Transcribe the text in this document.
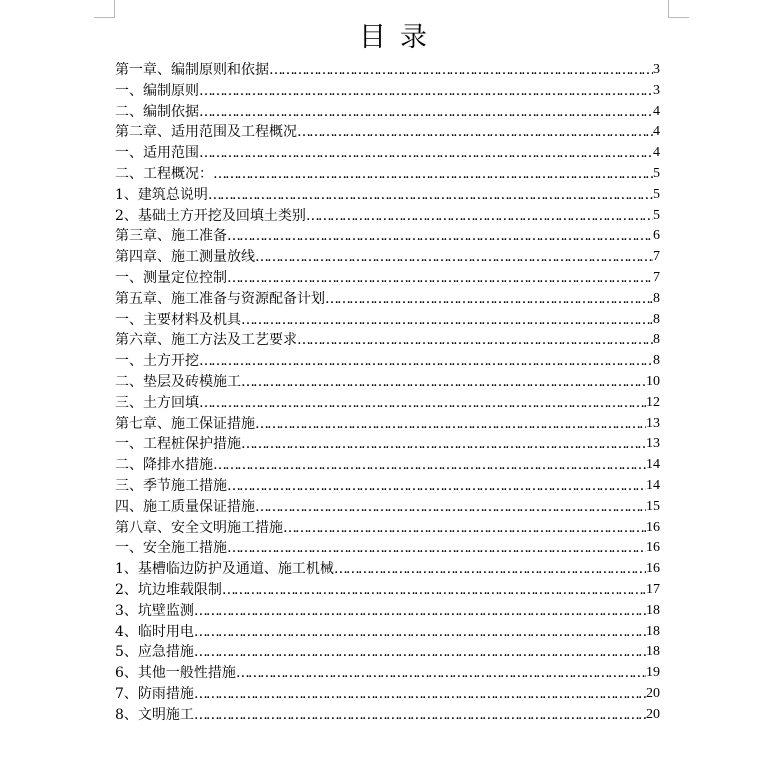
目录
第一章、编制原则和依据 ……………………………………………………………………………………………………………………………………………………………………………………………………	3
一、编制原则 ……………………………………………………………………………………………………………………………………………………………………………………………………	3
二、编制依据 ……………………………………………………………………………………………………………………………………………………………………………………………………	4
第二章、适用范围及工程概况 ……………………………………………………………………………………………………………………………………………………………………………………………………	4
一、适用范围 ……………………………………………………………………………………………………………………………………………………………………………………………………	4
二、工程概况： ……………………………………………………………………………………………………………………………………………………………………………………………………	5
1、建筑总说明 ……………………………………………………………………………………………………………………………………………………………………………………………………	5
2、基础土方开挖及回填土类别 ……………………………………………………………………………………………………………………………………………………………………………………………………	5
第三章、施工准备 ……………………………………………………………………………………………………………………………………………………………………………………………………	6
第四章、施工测量放线 ……………………………………………………………………………………………………………………………………………………………………………………………………	7
一、测量定位控制 ……………………………………………………………………………………………………………………………………………………………………………………………………	7
第五章、施工准备与资源配备计划 ……………………………………………………………………………………………………………………………………………………………………………………………………	8
一、主要材料及机具 ……………………………………………………………………………………………………………………………………………………………………………………………………	8
第六章、施工方法及工艺要求 ……………………………………………………………………………………………………………………………………………………………………………………………………	8
一、土方开挖 ……………………………………………………………………………………………………………………………………………………………………………………………………	8
二、垫层及砖模施工 ……………………………………………………………………………………………………………………………………………………………………………………………………	10
三、土方回填 ……………………………………………………………………………………………………………………………………………………………………………………………………	12
第七章、施工保证措施 ……………………………………………………………………………………………………………………………………………………………………………………………………	13
一、工程桩保护措施 ……………………………………………………………………………………………………………………………………………………………………………………………………	13
二、降排水措施 ……………………………………………………………………………………………………………………………………………………………………………………………………	14
三、季节施工措施 ……………………………………………………………………………………………………………………………………………………………………………………………………	14
四、施工质量保证措施 ……………………………………………………………………………………………………………………………………………………………………………………………………	15
第八章、安全文明施工措施 ……………………………………………………………………………………………………………………………………………………………………………………………………	16
一、安全施工措施 ……………………………………………………………………………………………………………………………………………………………………………………………………	16
1、基槽临边防护及通道、施工机械 ……………………………………………………………………………………………………………………………………………………………………………………………………	16
2、坑边堆载限制 ……………………………………………………………………………………………………………………………………………………………………………………………………	17
3、坑壁监测 ……………………………………………………………………………………………………………………………………………………………………………………………………	18
4、临时用电 ……………………………………………………………………………………………………………………………………………………………………………………………………	18
5、应急措施 ……………………………………………………………………………………………………………………………………………………………………………………………………	18
6、其他一般性措施 ……………………………………………………………………………………………………………………………………………………………………………………………………	19
7、防雨措施 ……………………………………………………………………………………………………………………………………………………………………………………………………	20
8、文明施工 ……………………………………………………………………………………………………………………………………………………………………………………………………	20
